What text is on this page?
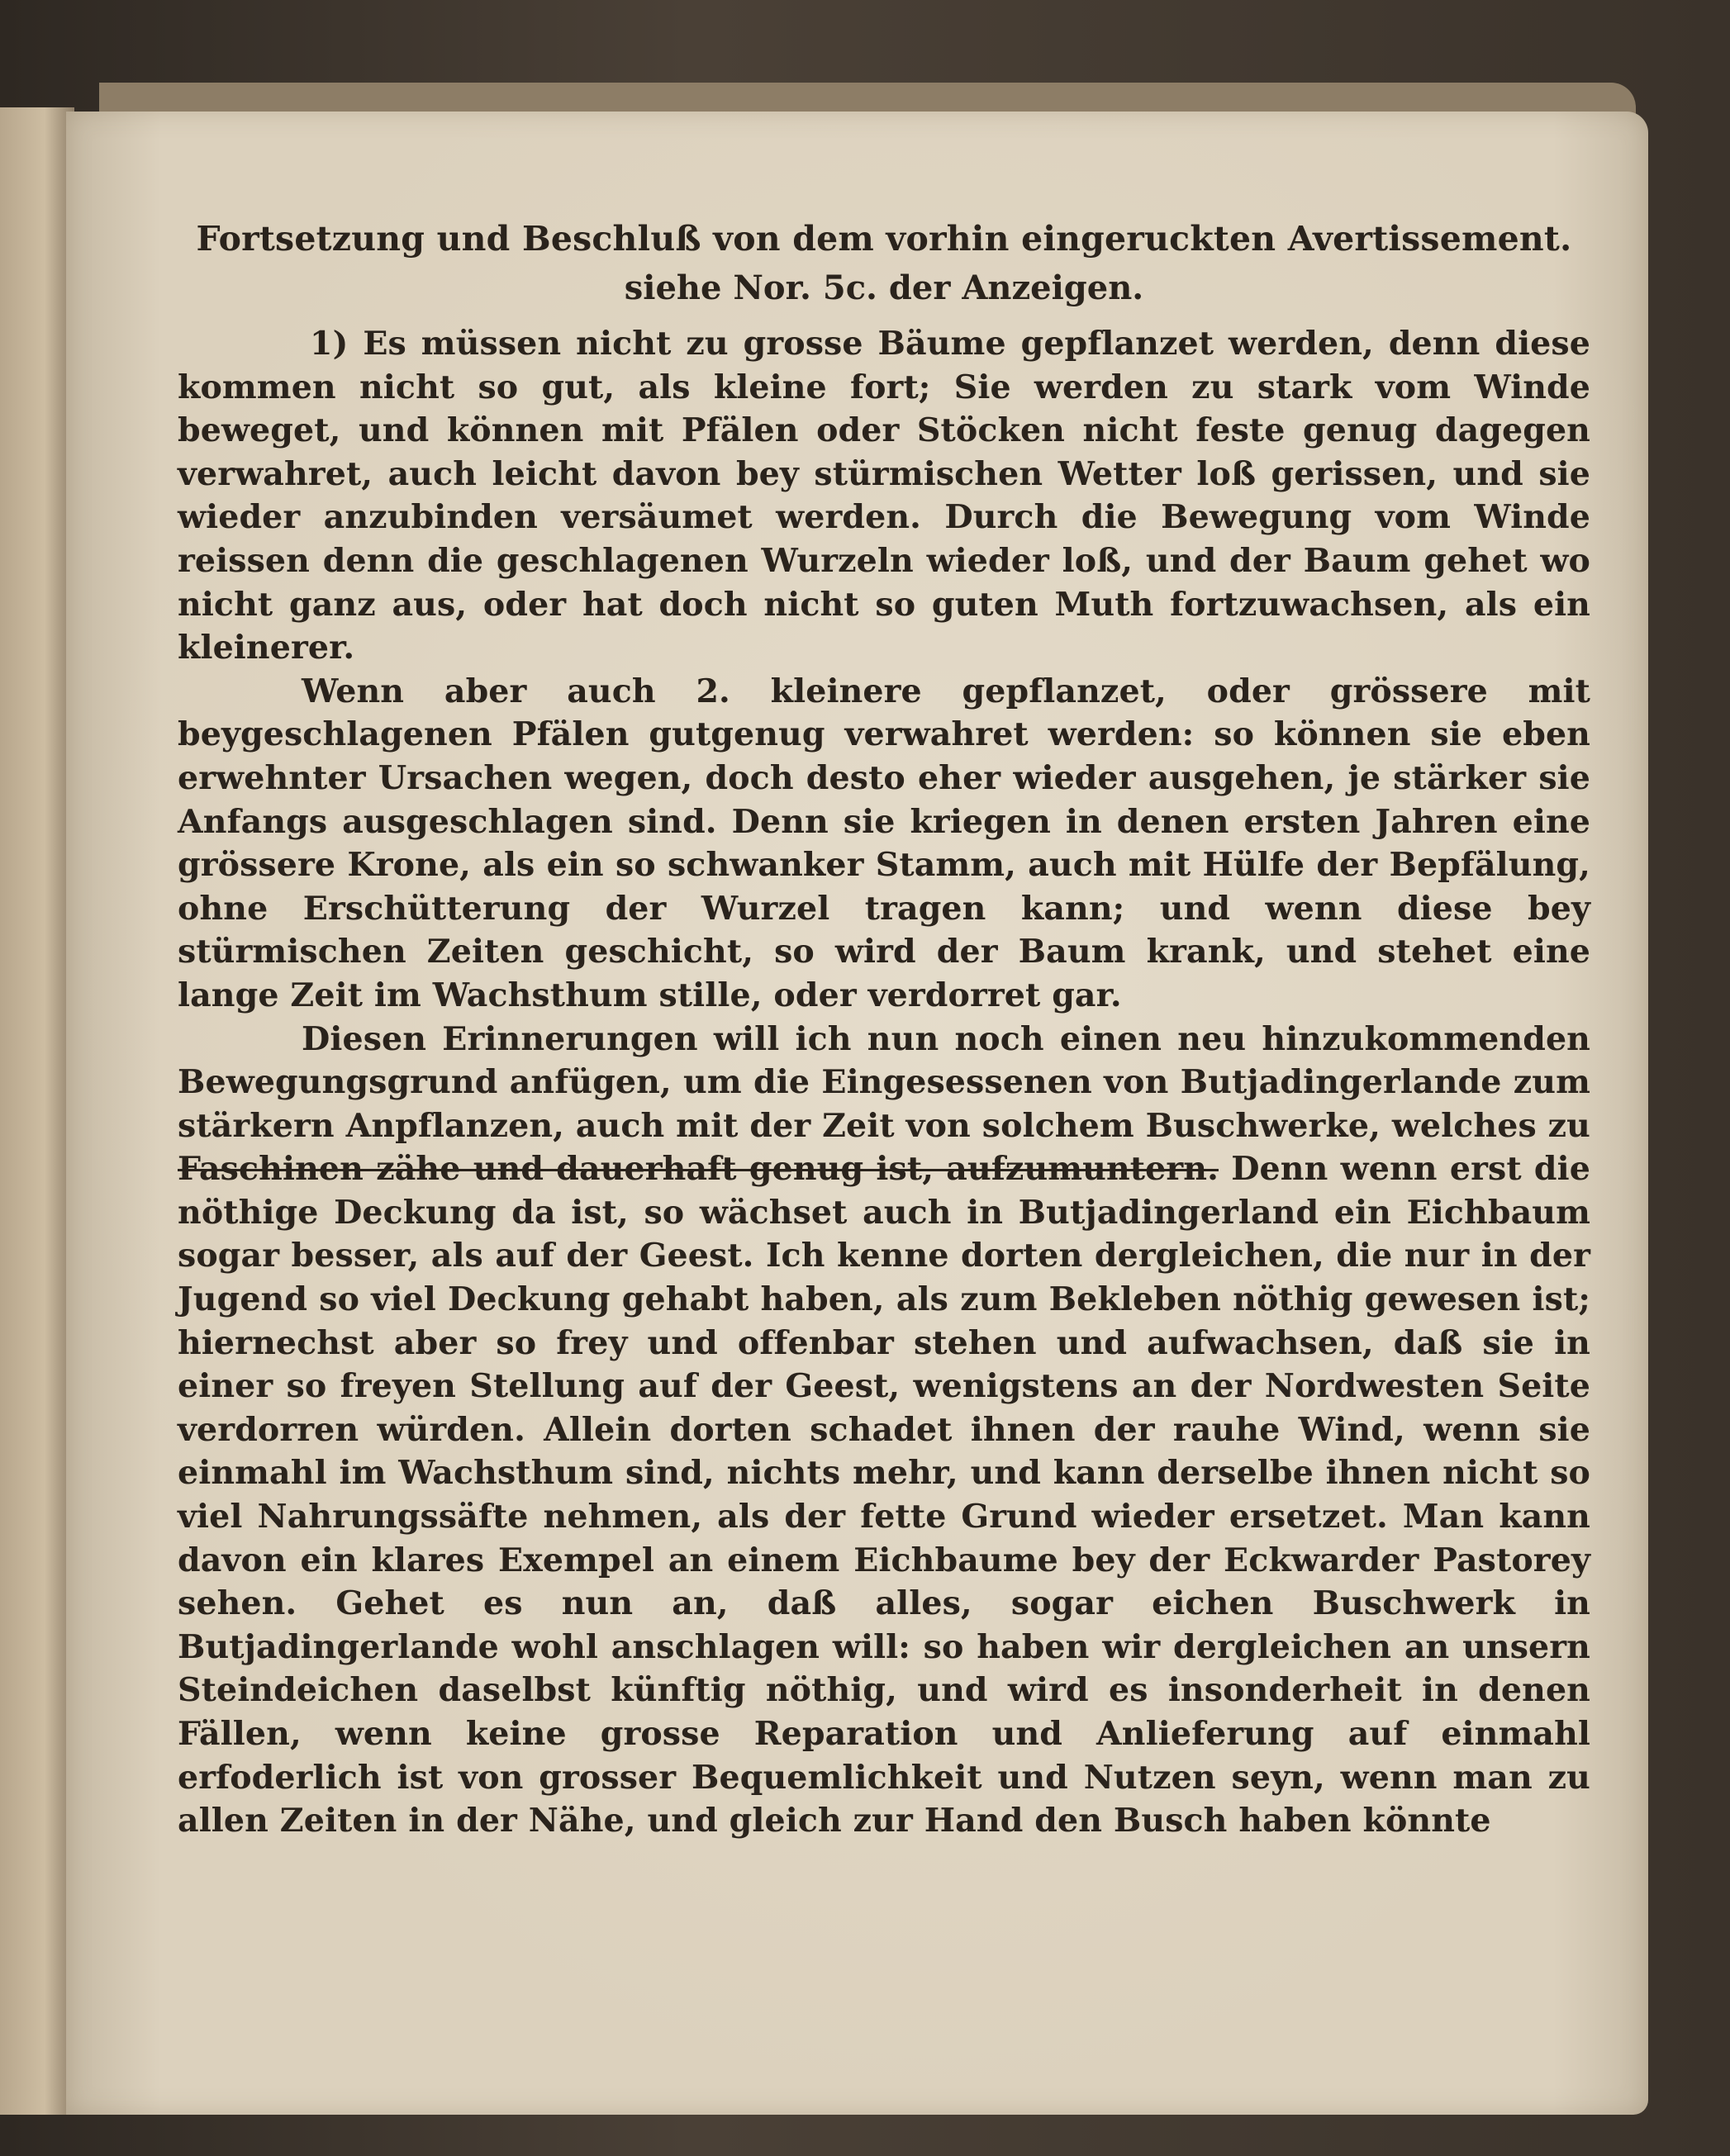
Fortsetzung und Beschluß von dem vorhin eingeruckten Avertissement.
siehe Nor. 5c. der Anzeigen.

1) Es müssen nicht zu grosse Bäume gepflanzet werden, denn diese kommen nicht so gut, als kleine fort; Sie werden zu stark vom Winde beweget, und können mit Pfälen oder Stöcken nicht feste genug dagegen verwahret, auch leicht davon bey stürmischen Wetter loß gerissen, und sie wieder anzubinden versäumet werden. Durch die Bewegung vom Winde reissen denn die geschlagenen Wurzeln wieder loß, und der Baum gehet wo nicht ganz aus, oder hat doch nicht so guten Muth fortzuwachsen, als ein kleinerer.

Wenn aber auch 2. kleinere gepflanzet, oder grössere mit beygeschlagenen Pfälen gutgenug verwahret werden: so können sie eben erwehnter Ursachen wegen, doch desto eher wieder ausgehen, je stärker sie Anfangs ausgeschlagen sind. Denn sie kriegen in denen ersten Jahren eine grössere Krone, als ein so schwanker Stamm, auch mit Hülfe der Bepfälung, ohne Erschütterung der Wurzel tragen kann; und wenn diese bey stürmischen Zeiten geschicht, so wird der Baum krank, und stehet eine lange Zeit im Wachsthum stille, oder verdorret gar.

Diesen Erinnerungen will ich nun noch einen neu hinzukommenden Bewegungsgrund anfügen, um die Eingesessenen von Butjadingerlande zum stärkern Anpflanzen, auch mit der Zeit von solchem Buschwerke, welches zu Faschinen zähe und dauerhaft genug ist, aufzumuntern. Denn wenn erst die nöthige Deckung da ist, so wächset auch in Butjadingerland ein Eichbaum sogar besser, als auf der Geest. Ich kenne dorten dergleichen, die nur in der Jugend so viel Deckung gehabt haben, als zum Bekleben nöthig gewesen ist; hiernechst aber so frey und offenbar stehen und aufwachsen, daß sie in einer so freyen Stellung auf der Geest, wenigstens an der Nordwesten Seite verdorren würden. Allein dorten schadet ihnen der rauhe Wind, wenn sie einmahl im Wachsthum sind, nichts mehr, und kann derselbe ihnen nicht so viel Nahrungssäfte nehmen, als der fette Grund wieder ersetzet. Man kann davon ein klares Exempel an einem Eichbaume bey der Eckwarder Pastorey sehen. Gehet es nun an, daß alles, sogar eichen Buschwerk in Butjadingerlande wohl anschlagen will: so haben wir dergleichen an unsern Steindeichen daselbst künftig nöthig, und wird es insonderheit in denen Fällen, wenn keine grosse Reparation und Anlieferung auf einmahl erfoderlich ist von grosser Bequemlichkeit und Nutzen seyn, wenn man zu allen Zeiten in der Nähe, und gleich zur Hand den Busch haben könnte
